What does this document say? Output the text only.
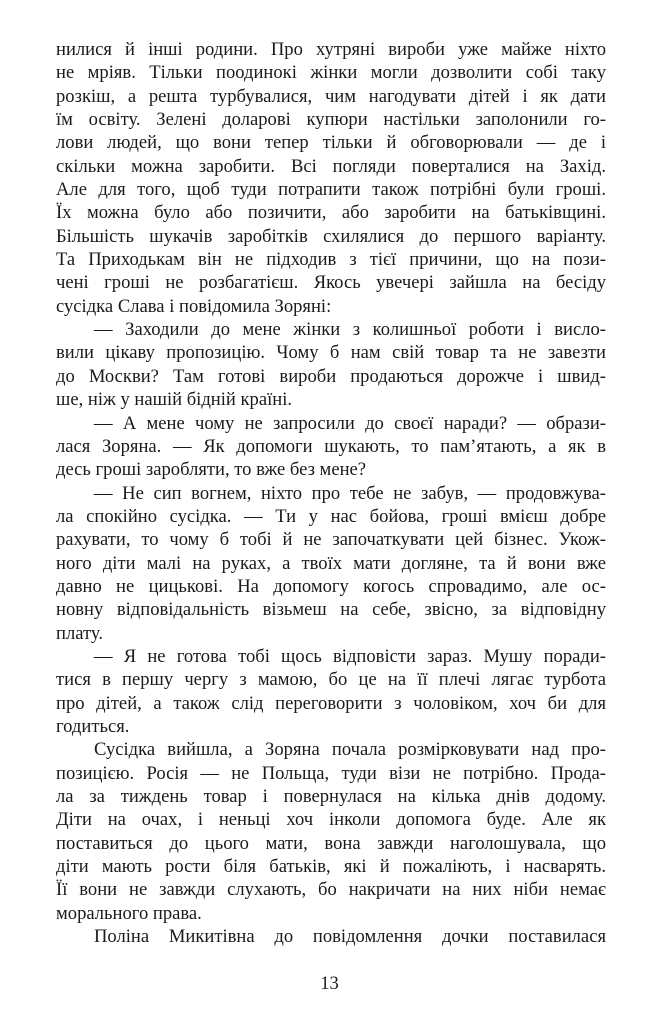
нилися й інші родини. Про хутряні вироби уже майже ніхто
не мріяв. Тільки поодинокі жінки могли дозволити собі таку
розкіш, а решта турбувалися, чим нагодувати дітей і як дати
їм освіту. Зелені доларові купюри настільки заполонили го-
лови людей, що вони тепер тільки й обговорювали — де і
скільки можна заробити. Всі погляди поверталися на Захід.
Але для того, щоб туди потрапити також потрібні були гроші.
Їх можна було або позичити, або заробити на батьківщині.
Більшість шукачів заробітків схилялися до першого варіанту.
Та Приходькам він не підходив з тієї причини, що на пози-
чені гроші не розбагатієш. Якось увечері зайшла на бесіду
сусідка Слава і повідомила Зоряні:
— Заходили до мене жінки з колишньої роботи і вислo-
вили цікаву пропозицію. Чому б нам свій товар та не завезти
до Москви? Там готові вироби продаються дорожче і швид-
ше, ніж у нашій бідній країні.
— А мене чому не запросили до своєї наради? — образи-
лася Зоряна. — Як допомоги шукають, то пам’ятають, а як в
десь гроші заробляти, то вже без мене?
— Не сип вогнем, ніхто про тебе не забув, — продовжува-
ла спокійно сусідка. — Ти у нас бойова, гроші вмієш добре
рахувати, то чому б тобі й не започаткувати цей бізнес. Укож-
ного діти малі на руках, а твоїх мати догляне, та й вони вже
давно не цицькові. На допомогу когось спровадимо, але ос-
новну відповідальність візьмеш на себе, звісно, за відповідну
плату.
— Я не готова тобі щось відповісти зараз. Мушу поради-
тися в першу чергу з мамою, бо це на її плечі лягає турбота
про дітей, а також слід переговорити з чоловіком, хоч би для
годиться.
Сусідка вийшла, а Зоряна почала розмірковувати над про-
позицією. Росія — не Польща, туди візи не потрібно. Прода-
ла за тиждень товар і повернулася на кілька днів додому.
Діти на очах, і неньці хоч інколи допомога буде. Але як
поставиться до цього мати, вона завжди наголошувала, що
діти мають рости біля батьків, які й пожаліють, і насварять.
Її вони не завжди слухають, бо накричати на них ніби немає
морального права.
Поліна Микитівна до повідомлення дочки поставилася
13
